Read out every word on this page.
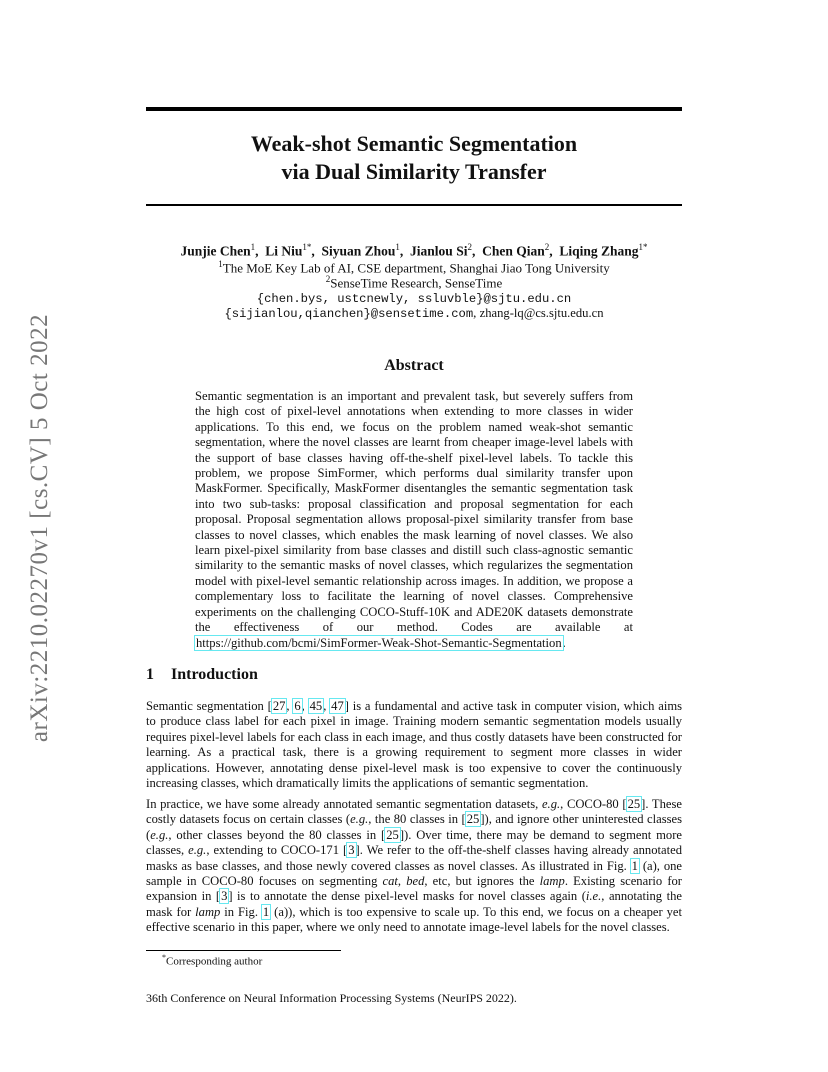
arXiv:2210.02270v1 [cs.CV] 5 Oct 2022
Weak-shot Semantic Segmentation
via Dual Similarity Transfer
Junjie Chen$^1$,  Li Niu$^{1*}$,  Siyuan Zhou$^1$,  Jianlou Si$^2$,  Chen Qian$^2$,  Liqing Zhang$^{1*}$
$^1$The MoE Key Lab of AI, CSE department, Shanghai Jiao Tong University
$^2$SenseTime Research, SenseTime
{chen.bys, ustcnewly, ssluvble}@sjtu.edu.cn
{sijianlou,qianchen}@sensetime.com, zhang-lq@cs.sjtu.edu.cn
Abstract
Semantic segmentation is an important and prevalent task, but severely suffers from the high cost of pixel-level annotations when extending to more classes in wider applications. To this end, we focus on the problem named weak-shot semantic segmentation, where the novel classes are learnt from cheaper image-level labels with the support of base classes having off-the-shelf pixel-level labels. To tackle this problem, we propose SimFormer, which performs dual similarity transfer upon MaskFormer. Specifically, MaskFormer disentangles the semantic segmentation task into two sub-tasks: proposal classification and proposal segmentation for each proposal. Proposal segmentation allows proposal-pixel similarity transfer from base classes to novel classes, which enables the mask learning of novel classes. We also learn pixel-pixel similarity from base classes and distill such class-agnostic semantic similarity to the semantic masks of novel classes, which regularizes the segmentation model with pixel-level semantic relationship across images. In addition, we propose a complementary loss to facilitate the learning of novel classes. Comprehensive experiments on the challenging COCO-Stuff-10K and ADE20K datasets demonstrate the effectiveness of our method. Codes are available at https://github.com/bcmi/SimFormer-Weak-Shot-Semantic-Segmentation.
1 Introduction
Semantic segmentation [27, 6, 45, 47] is a fundamental and active task in computer vision, which aims to produce class label for each pixel in image. Training modern semantic segmentation models usually requires pixel-level labels for each class in each image, and thus costly datasets have been constructed for learning. As a practical task, there is a growing requirement to segment more classes in wider applications. However, annotating dense pixel-level mask is too expensive to cover the continuously increasing classes, which dramatically limits the applications of semantic segmentation.
In practice, we have some already annotated semantic segmentation datasets, e.g., COCO-80 [25]. These costly datasets focus on certain classes (e.g., the 80 classes in [25]), and ignore other uninterested classes (e.g., other classes beyond the 80 classes in [25]). Over time, there may be demand to segment more classes, e.g., extending to COCO-171 [3]. We refer to the off-the-shelf classes having already annotated masks as base classes, and those newly covered classes as novel classes. As illustrated in Fig. 1 (a), one sample in COCO-80 focuses on segmenting cat, bed, etc, but ignores the lamp. Existing scenario for expansion in [3] is to annotate the dense pixel-level masks for novel classes again (i.e., annotating the mask for lamp in Fig. 1 (a)), which is too expensive to scale up. To this end, we focus on a cheaper yet effective scenario in this paper, where we only need to annotate image-level labels for the novel classes.
*Corresponding author
36th Conference on Neural Information Processing Systems (NeurIPS 2022).
